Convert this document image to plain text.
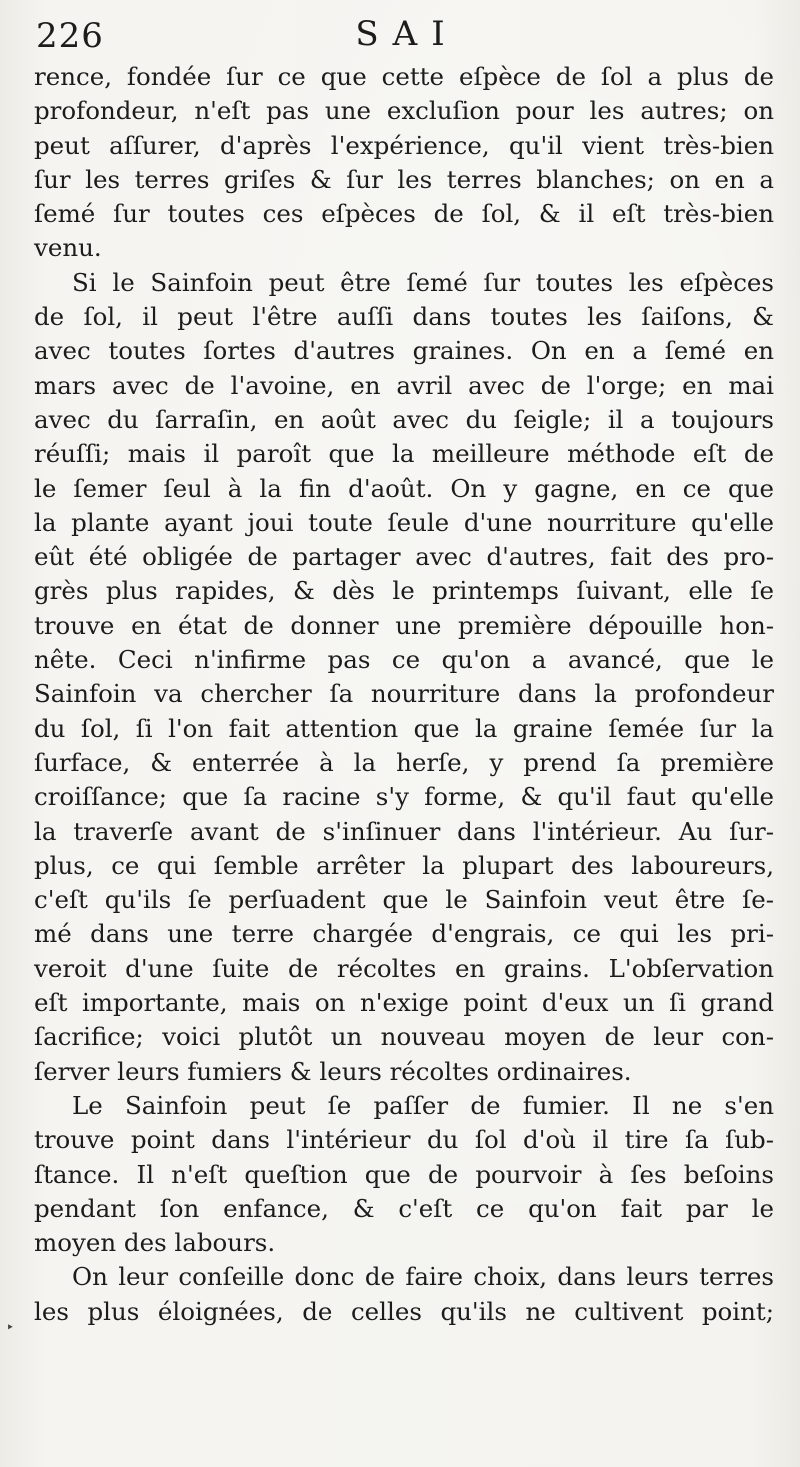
226	SAI
‣
rence, fondée ſur ce que cette eſpèce de ſol a plus de
profondeur, n'eſt pas une excluſion pour les autres; on
peut aſſurer, d'après l'expérience, qu'il vient très-bien
ſur les terres griſes & ſur les terres blanches; on en a
ſemé ſur toutes ces eſpèces de ſol, & il eſt très-bien
venu.
Si le Sainfoin peut être ſemé ſur toutes les eſpèces
de ſol, il peut l'être auſſi dans toutes les ſaiſons, &
avec toutes ſortes d'autres graines. On en a ſemé en
mars avec de l'avoine, en avril avec de l'orge; en mai
avec du ſarraſin, en août avec du ſeigle; il a toujours
réuſſi; mais il paroît que la meilleure méthode eſt de
le ſemer ſeul à la fin d'août. On y gagne, en ce que
la plante ayant joui toute ſeule d'une nourriture qu'elle
eût été obligée de partager avec d'autres, fait des pro-
grès plus rapides, & dès le printemps ſuivant, elle ſe
trouve en état de donner une première dépouille hon-
nête. Ceci n'infirme pas ce qu'on a avancé, que le
Sainfoin va chercher ſa nourriture dans la profondeur
du ſol, ſi l'on fait attention que la graine ſemée ſur la
ſurface, & enterrée à la herſe, y prend ſa première
croiſſance; que ſa racine s'y forme, & qu'il faut qu'elle
la traverſe avant de s'inſinuer dans l'intérieur. Au ſur-
plus, ce qui ſemble arrêter la plupart des laboureurs,
c'eſt qu'ils ſe perſuadent que le Sainfoin veut être ſe-
mé dans une terre chargée d'engrais, ce qui les pri-
veroit d'une ſuite de récoltes en grains. L'obſervation
eſt importante, mais on n'exige point d'eux un ſi grand
ſacrifice; voici plutôt un nouveau moyen de leur con-
ſerver leurs fumiers & leurs récoltes ordinaires.
Le Sainfoin peut ſe paſſer de fumier. Il ne s'en
trouve point dans l'intérieur du ſol d'où il tire ſa ſub-
ſtance. Il n'eſt queſtion que de pourvoir à ſes beſoins
pendant ſon enfance, & c'eſt ce qu'on fait par le
moyen des labours.
On leur conſeille donc de faire choix, dans leurs terres
les plus éloignées, de celles qu'ils ne cultivent point;
